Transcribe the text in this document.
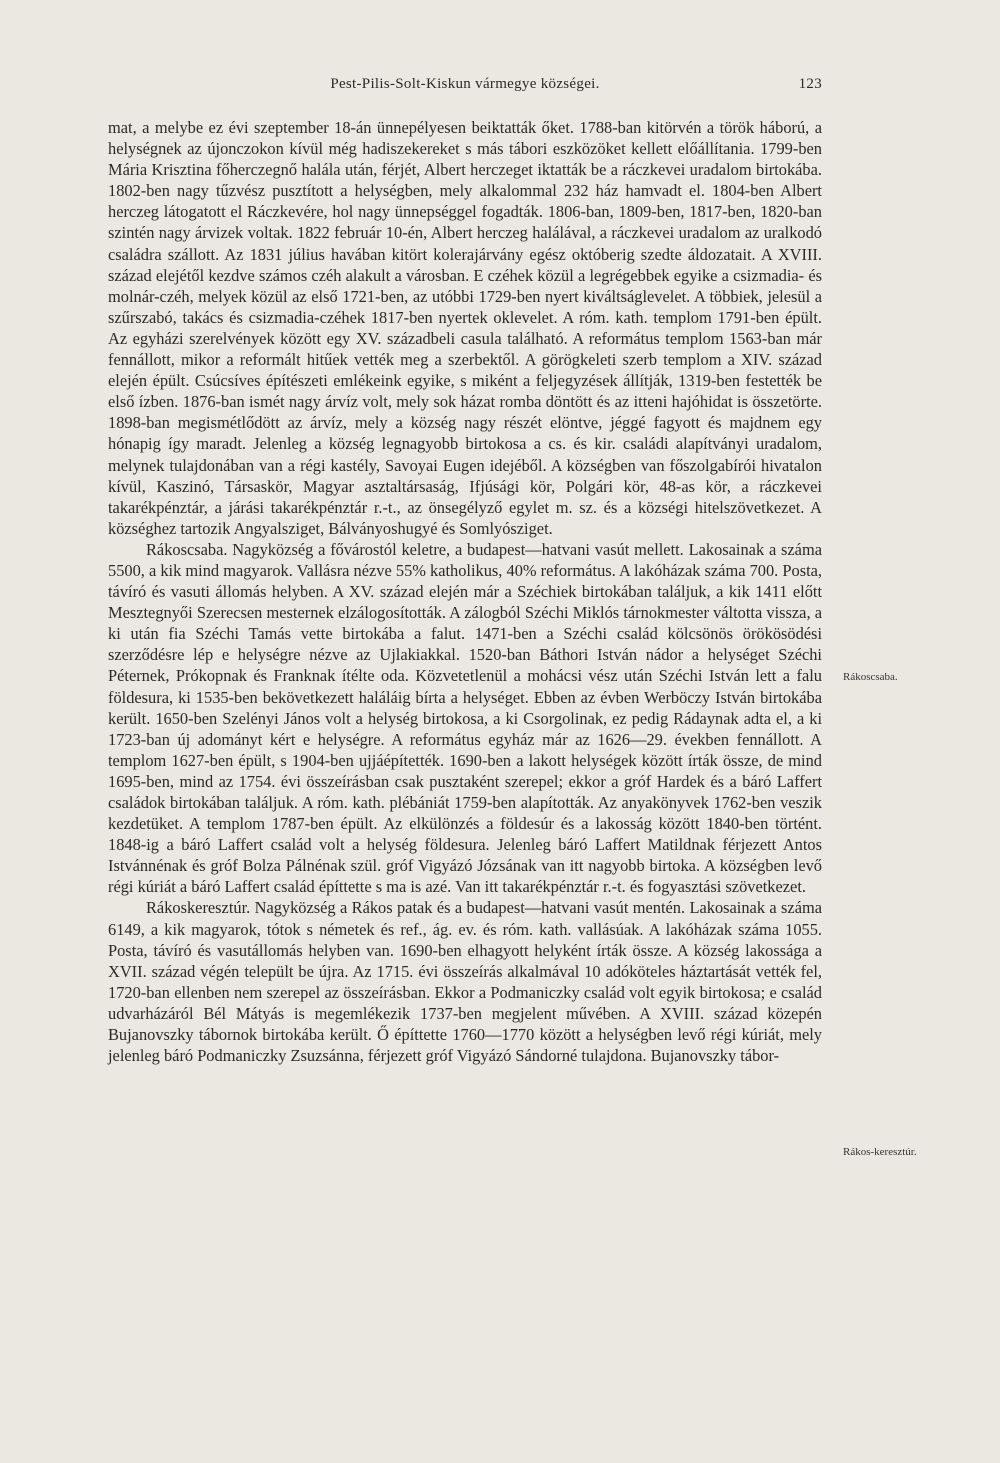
Pest-Pilis-Solt-Kiskun vármegye községei.	123

mat, a melybe ez évi szeptember 18-án ünnepélyesen beiktatták őket. 1788-ban kitörvén a török háború, a helységnek az újonczokon kívül még hadiszekereket s más tábori eszközöket kellett előállítania. 1799-ben Mária Krisztina főherczegnő halála után, férjét, Albert herczeget iktatták be a ráczkevei uradalom birtokába. 1802-ben nagy tűzvész pusztított a helységben, mely alkalommal 232 ház hamvadt el. 1804-ben Albert herczeg látogatott el Ráczkevére, hol nagy ünnepséggel fogadták. 1806-ban, 1809-ben, 1817-ben, 1820-ban szintén nagy árvizek voltak. 1822 február 10-én, Albert herczeg halálával, a ráczkevei uradalom az uralkodó családra szállott. Az 1831 július havában kitört kolerajárvány egész októberig szedte áldozatait. A XVIII. század elejétől kezdve számos czéh alakult a városban. E czéhek közül a legrégebbek egyike a csizmadia- és molnár-czéh, melyek közül az első 1721-ben, az utóbbi 1729-ben nyert kiváltságlevelet. A többiek, jelesül a szűrszabó, takács és csizmadia-czéhek 1817-ben nyertek oklevelet. A róm. kath. templom 1791-ben épült. Az egyházi szerelvények között egy XV. századbeli casula található. A református templom 1563-ban már fennállott, mikor a reformált hitűek vették meg a szerbektől. A görögkeleti szerb templom a XIV. század elején épült. Csúcsíves építészeti emlékeink egyike, s miként a feljegyzések állítják, 1319-ben festették be első ízben. 1876-ban ismét nagy árvíz volt, mely sok házat romba döntött és az itteni hajóhidat is összetörte. 1898-ban megismétlődött az árvíz, mely a község nagy részét elöntve, jéggé fagyott és majdnem egy hónapig így maradt. Jelenleg a község legnagyobb birtokosa a cs. és kir. családi alapítványi uradalom, melynek tulajdonában van a régi kastély, Savoyai Eugen idejéből. A községben van főszolgabírói hivatalon kívül, Kaszinó, Társaskör, Magyar asztaltársaság, Ifjúsági kör, Polgári kör, 48-as kör, a ráczkevei takarékpénztár, a járási takarékpénztár r.-t., az önsegélyző egylet m. sz. és a községi hitelszövetkezet. A községhez tartozik Angyalsziget, Bálványoshugyé és Somlyósziget.

Rákoscsaba. Nagyközség a fővárostól keletre, a budapest—hatvani vasút mellett. Lakosainak a száma 5500, a kik mind magyarok. Vallásra nézve 55% katholikus, 40% református. A lakóházak száma 700. Posta, távíró és vasuti állomás helyben. A XV. század elején már a Széchiek birtokában találjuk, a kik 1411 előtt Mesztegnyői Szerecsen mesternek elzálogosították. A zálogból Széchi Miklós tárnokmester váltotta vissza, a ki után fia Széchi Tamás vette birtokába a falut. 1471-ben a Széchi család kölcsönös örökösödési szerződésre lép e helységre nézve az Ujlakiakkal. 1520-ban Báthori István nádor a helységet Széchi Péternek, Prókopnak és Franknak ítélte oda. Közvetetlenül a mohácsi vész után Széchi István lett a falu földesura, ki 1535-ben bekövetkezett haláláig bírta a helységet. Ebben az évben Werböczy István birtokába került. 1650-ben Szelényi János volt a helység birtokosa, a ki Csorgolinak, ez pedig Rádaynak adta el, a ki 1723-ban új adományt kért e helységre. A református egyház már az 1626—29. években fennállott. A templom 1627-ben épült, s 1904-ben ujjáépítették. 1690-ben a lakott helységek között írták össze, de mind 1695-ben, mind az 1754. évi összeírásban csak pusztaként szerepel; ekkor a gróf Hardek és a báró Laffert családok birtokában találjuk. A róm. kath. plébániát 1759-ben alapították. Az anyakönyvek 1762-ben veszik kezdetüket. A templom 1787-ben épült. Az elkülönzés a földesúr és a lakosság között 1840-ben történt. 1848-ig a báró Laffert család volt a helység földesura. Jelenleg báró Laffert Matildnak férjezett Antos Istvánnénak és gróf Bolza Pálnénak szül. gróf Vigyázó Józsának van itt nagyobb birtoka. A községben levő régi kúriát a báró Laffert család építtette s ma is azé. Van itt takarékpénztár r.-t. és fogyasztási szövetkezet.

Rákoskeresztúr. Nagyközség a Rákos patak és a budapest—hatvani vasút mentén. Lakosainak a száma 6149, a kik magyarok, tótok s németek és ref., ág. ev. és róm. kath. vallásúak. A lakóházak száma 1055. Posta, távíró és vasutállomás helyben van. 1690-ben elhagyott helyként írták össze. A község lakossága a XVII. század végén települt be újra. Az 1715. évi összeírás alkalmával 10 adóköteles háztartását vették fel, 1720-ban ellenben nem szerepel az összeírásban. Ekkor a Podmaniczky család volt egyik birtokosa; e család udvarházáról Bél Mátyás is megemlékezik 1737-ben megjelent művében. A XVIII. század közepén Bujanovszky tábornok birtokába került. Ő építtette 1760—1770 között a helységben levő régi kúriát, mely jelenleg báró Podmaniczky Zsuzsánna, férjezett gróf Vigyázó Sándorné tulajdona. Bujanovszky tábor-

Rákoscsaba.
Rákos-keresztúr.
